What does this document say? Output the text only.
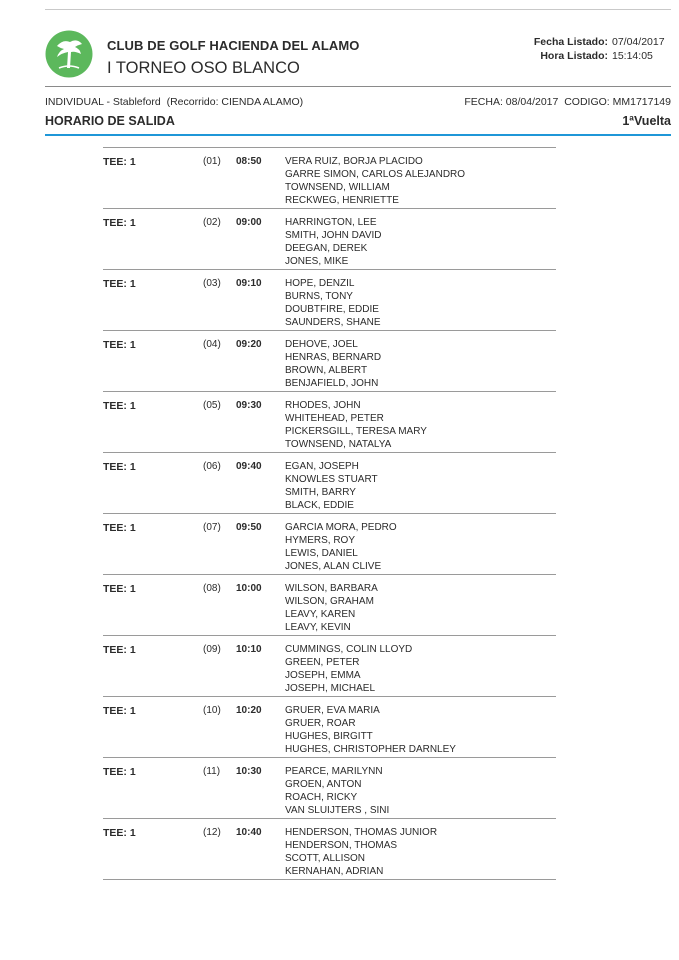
CLUB DE GOLF HACIENDA DEL ALAMO
I TORNEO OSO BLANCO
Fecha Listado: 07/04/2017
Hora Listado: 15:14:05
INDIVIDUAL - Stableford  (Recorrido: CIENDA ALAMO)	FECHA: 08/04/2017  CODIGO: MM1717149
HORARIO DE SALIDA	1ªVuelta
TEE: 1	(01) 08:50 VERA RUIZ, BORJA PLACIDO
GARRE SIMON, CARLOS ALEJANDRO
TOWNSEND, WILLIAM
RECKWEG, HENRIETTE
TEE: 1	(02) 09:00 HARRINGTON, LEE
SMITH, JOHN DAVID
DEEGAN, DEREK
JONES, MIKE
TEE: 1	(03) 09:10 HOPE, DENZIL
BURNS, TONY
DOUBTFIRE, EDDIE
SAUNDERS, SHANE
TEE: 1	(04) 09:20 DEHOVE, JOEL
HENRAS, BERNARD
BROWN, ALBERT
BENJAFIELD, JOHN
TEE: 1	(05) 09:30 RHODES, JOHN
WHITEHEAD, PETER
PICKERSGILL, TERESA MARY
TOWNSEND, NATALYA
TEE: 1	(06) 09:40 EGAN, JOSEPH
KNOWLES STUART
SMITH, BARRY
BLACK, EDDIE
TEE: 1	(07) 09:50 GARCIA MORA, PEDRO
HYMERS, ROY
LEWIS, DANIEL
JONES, ALAN CLIVE
TEE: 1	(08) 10:00 WILSON, BARBARA
WILSON, GRAHAM
LEAVY, KAREN
LEAVY, KEVIN
TEE: 1	(09) 10:10 CUMMINGS, COLIN LLOYD
GREEN, PETER
JOSEPH, EMMA
JOSEPH, MICHAEL
TEE: 1	(10) 10:20 GRUER, EVA MARIA
GRUER, ROAR
HUGHES, BIRGITT
HUGHES, CHRISTOPHER DARNLEY
TEE: 1	(11) 10:30 PEARCE, MARILYNN
GROEN, ANTON
ROACH, RICKY
VAN SLUIJTERS , SINI
TEE: 1	(12) 10:40 HENDERSON, THOMAS JUNIOR
HENDERSON, THOMAS
SCOTT, ALLISON
KERNAHAN, ADRIAN
